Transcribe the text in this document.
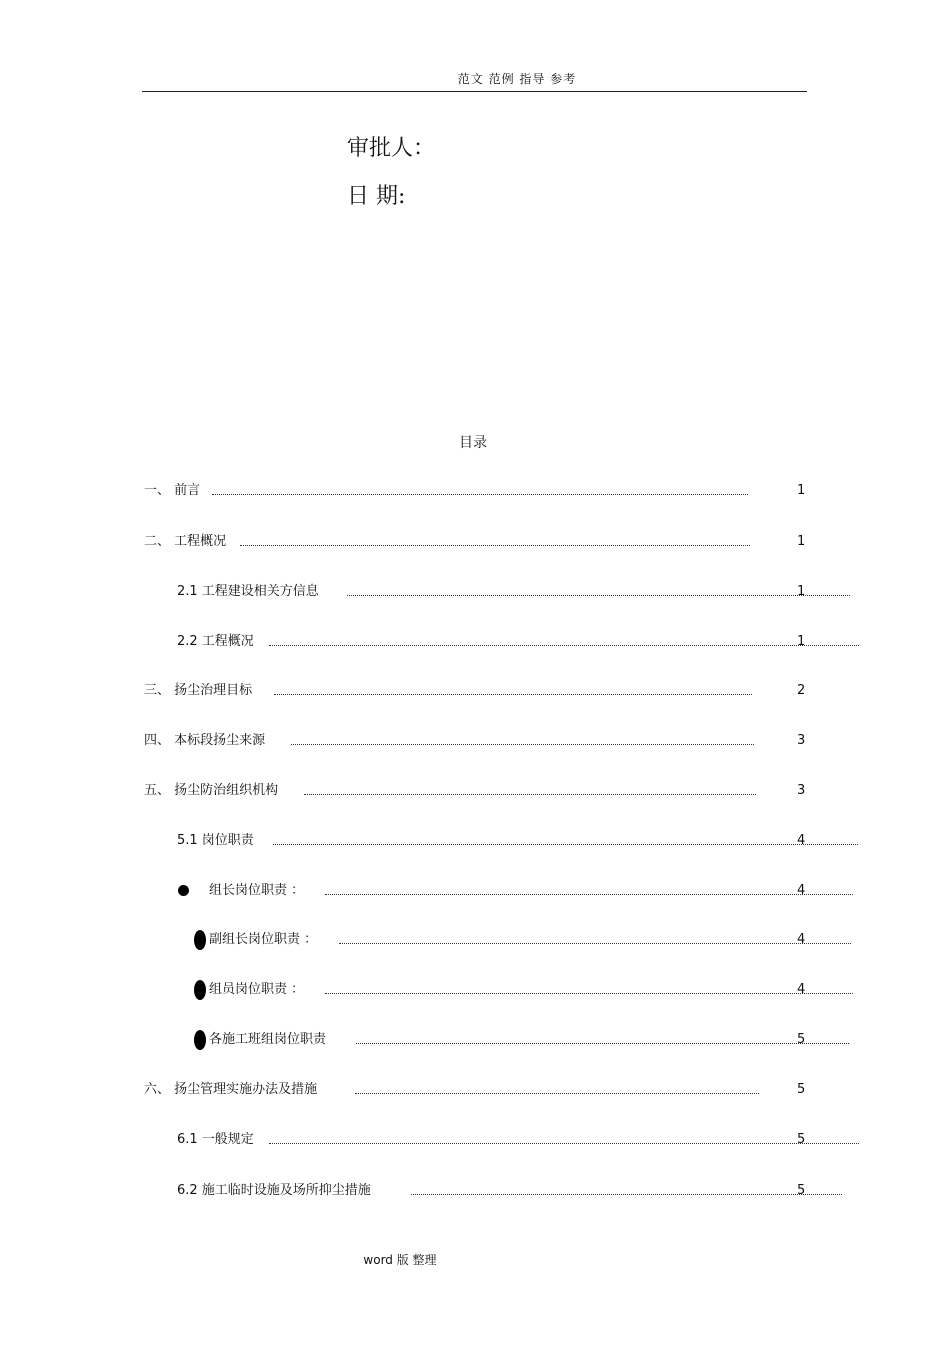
范文 范例 指导 参考
审批人：
日 期:
目录
一、 前言	1
二、 工程概况	1
2.1 工程建设相关方信息	1
2.2 工程概况	1
三、 扬尘治理目标	2
四、 本标段扬尘来源	3
五、 扬尘防治组织机构	3
5.1 岗位职责	4
组长岗位职责 ：	4
副组长岗位职责 ：	4
组员岗位职责 ：	4
各施工班组岗位职责	5
六、 扬尘管理实施办法及措施	5
6.1 一般规定	5
6.2 施工临时设施及场所抑尘措施	5
word 版 整理
